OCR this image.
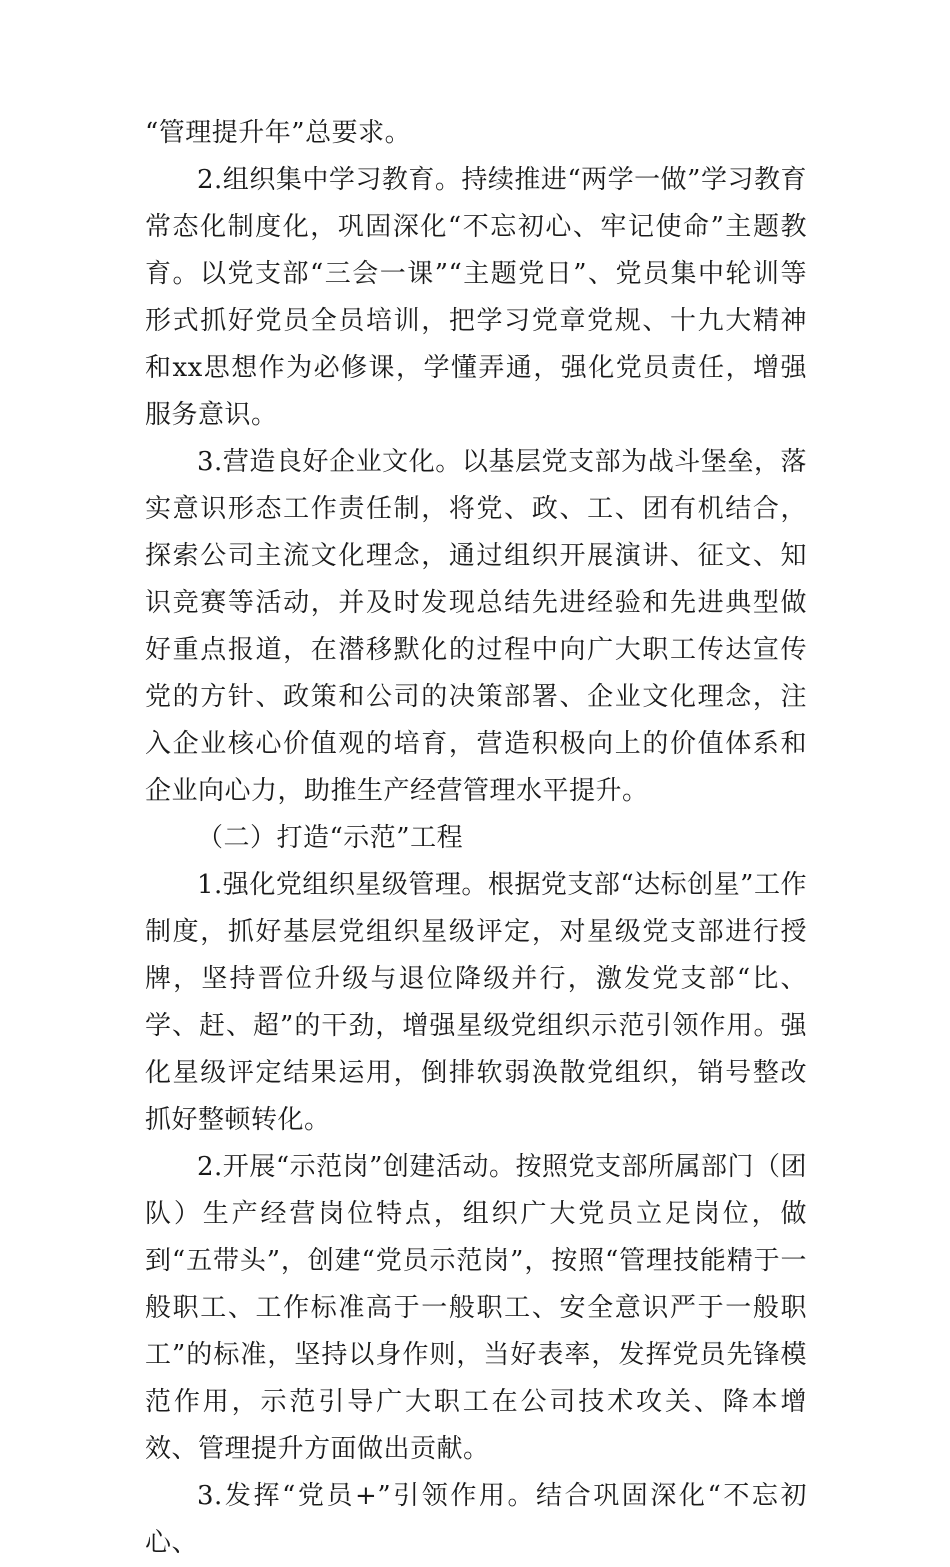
“管理提升年”总要求。

2.组织集中学习教育。持续推进“两学一做”学习教育常态化制度化，巩固深化“不忘初心、牢记使命”主题教育。以党支部“三会一课”“主题党日”、党员集中轮训等形式抓好党员全员培训，把学习党章党规、十九大精神和xx思想作为必修课，学懂弄通，强化党员责任，增强服务意识。

3.营造良好企业文化。以基层党支部为战斗堡垒，落实意识形态工作责任制，将党、政、工、团有机结合，探索公司主流文化理念，通过组织开展演讲、征文、知识竞赛等活动，并及时发现总结先进经验和先进典型做好重点报道，在潜移默化的过程中向广大职工传达宣传党的方针、政策和公司的决策部署、企业文化理念，注入企业核心价值观的培育，营造积极向上的价值体系和企业向心力，助推生产经营管理水平提升。

（二）打造“示范”工程

1.强化党组织星级管理。根据党支部“达标创星”工作制度，抓好基层党组织星级评定，对星级党支部进行授牌，坚持晋位升级与退位降级并行，激发党支部“比、学、赶、超”的干劲，增强星级党组织示范引领作用。强化星级评定结果运用，倒排软弱涣散党组织，销号整改抓好整顿转化。

2.开展“示范岗”创建活动。按照党支部所属部门（团队）生产经营岗位特点，组织广大党员立足岗位，做到“五带头”，创建“党员示范岗”，按照“管理技能精于一般职工、工作标准高于一般职工、安全意识严于一般职工”的标准，坚持以身作则，当好表率，发挥党员先锋模范作用，示范引导广大职工在公司技术攻关、降本增效、管理提升方面做出贡献。

3.发挥“党员+”引领作用。结合巩固深化“不忘初心、
